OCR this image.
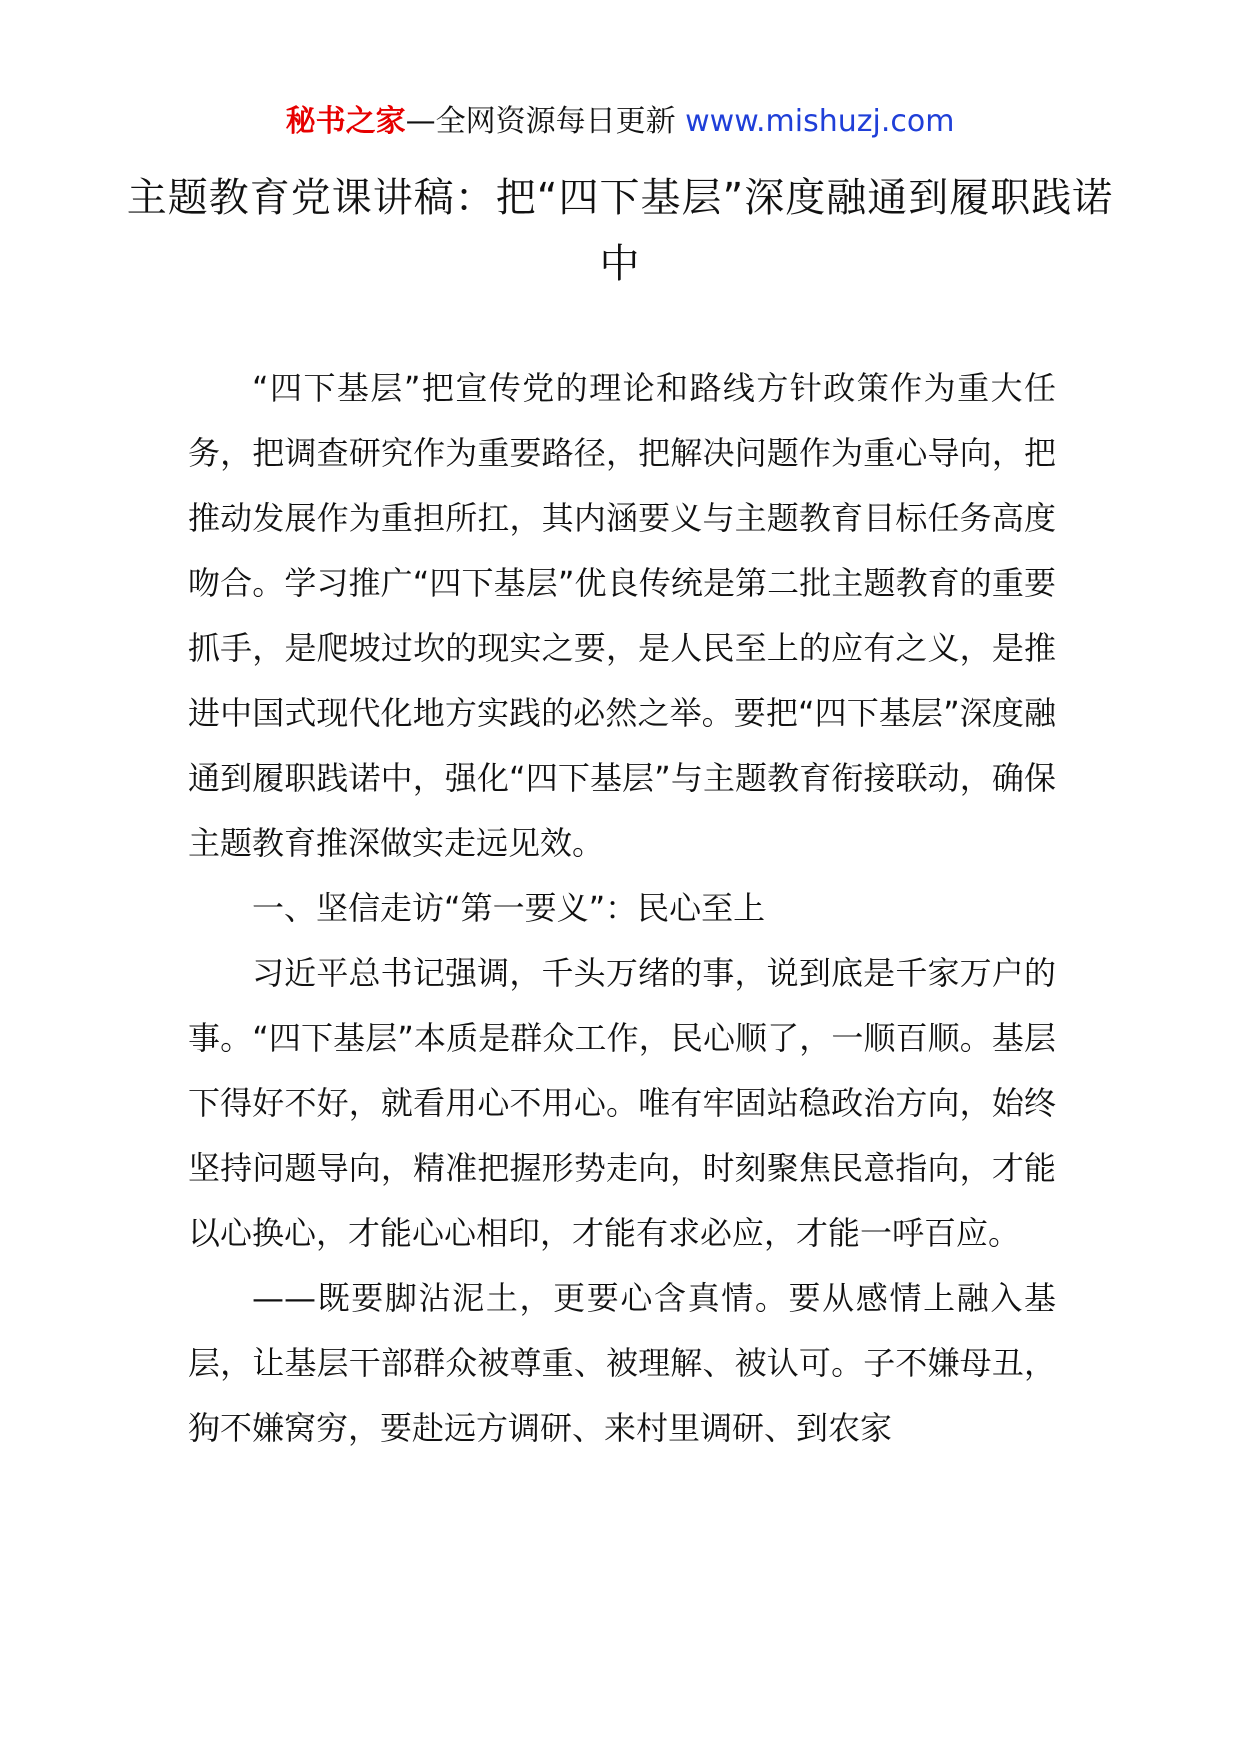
秘书之家—全网资源每日更新 www.mishuzj.com
主题教育党课讲稿：把“四下基层”深度融通到履职践诺中

“四下基层”把宣传党的理论和路线方针政策作为重大任务，把调查研究作为重要路径，把解决问题作为重心导向，把推动发展作为重担所扛，其内涵要义与主题教育目标任务高度吻合。学习推广“四下基层”优良传统是第二批主题教育的重要抓手，是爬坡过坎的现实之要，是人民至上的应有之义，是推进中国式现代化地方实践的必然之举。要把“四下基层”深度融通到履职践诺中，强化“四下基层”与主题教育衔接联动，确保主题教育推深做实走远见效。

一、坚信走访“第一要义”：民心至上

习近平总书记强调，千头万绪的事，说到底是千家万户的事。“四下基层”本质是群众工作，民心顺了，一顺百顺。基层下得好不好，就看用心不用心。唯有牢固站稳政治方向，始终坚持问题导向，精准把握形势走向，时刻聚焦民意指向，才能以心换心，才能心心相印，才能有求必应，才能一呼百应。

——既要脚沾泥土，更要心含真情。要从感情上融入基层，让基层干部群众被尊重、被理解、被认可。子不嫌母丑，狗不嫌窝穷，要赴远方调研、来村里调研、到农家
